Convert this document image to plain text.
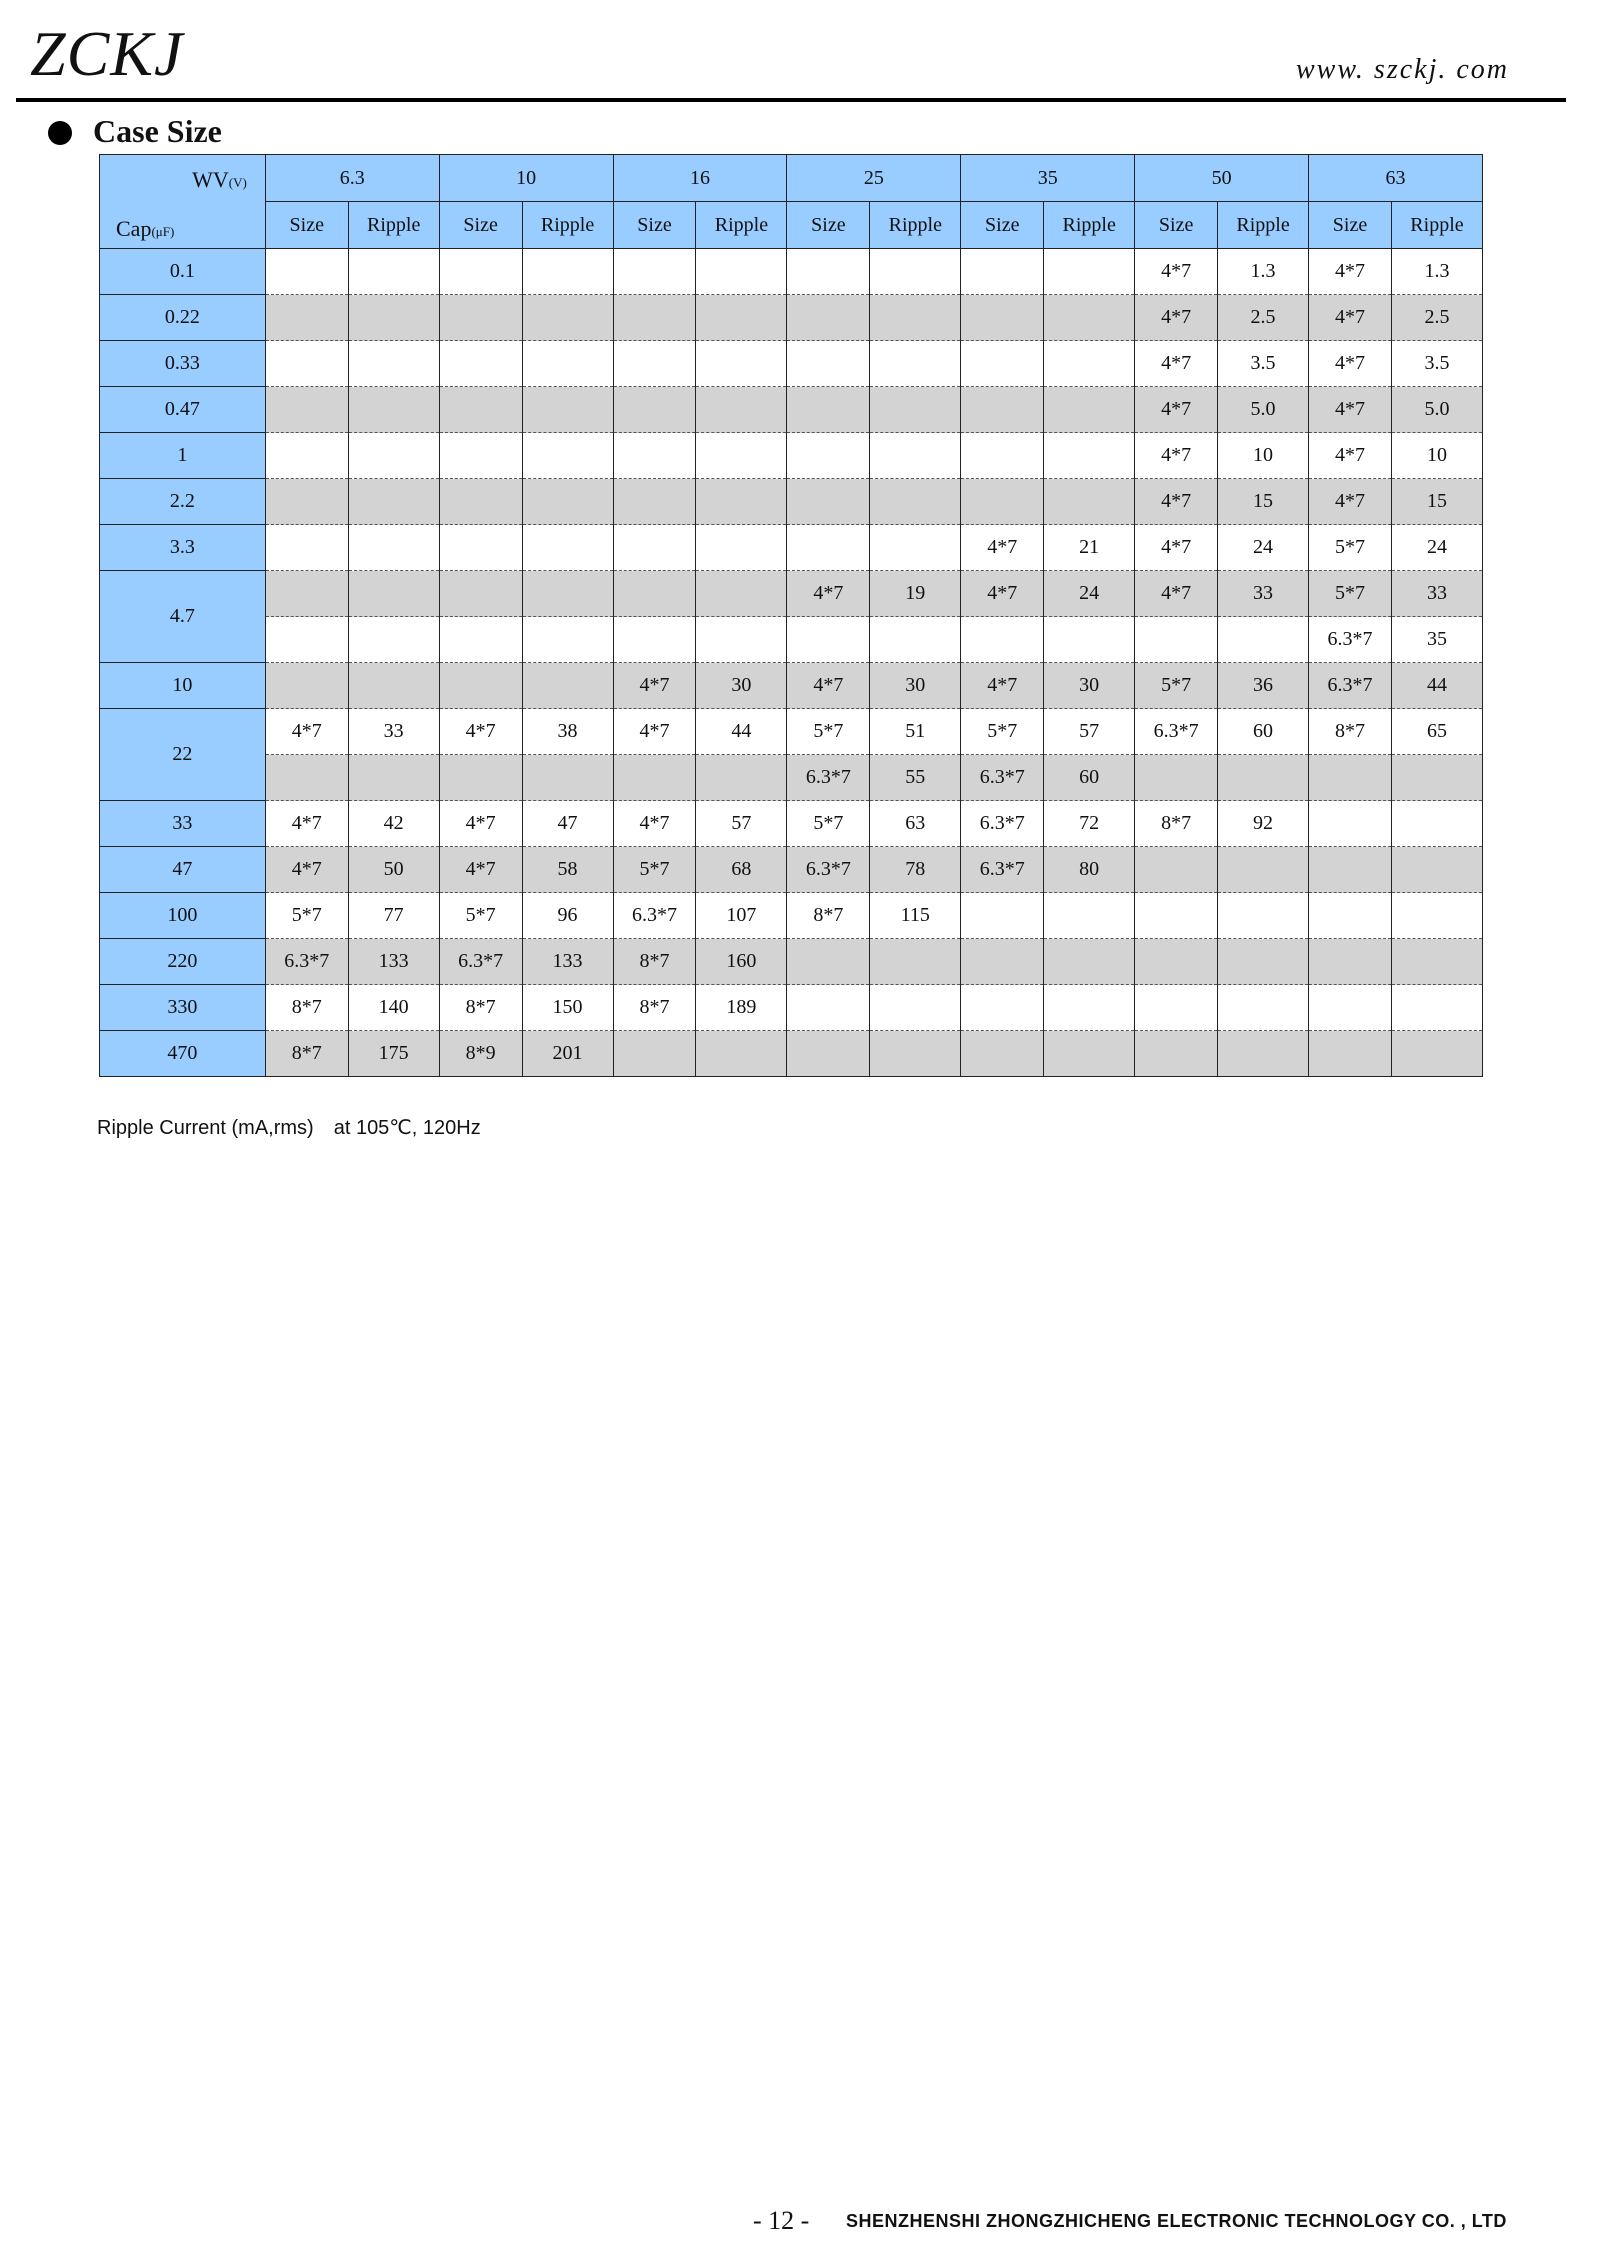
ZCKJ	www. szckj. com
Case Size
WV(V)
Cap(μF)	6.3		10		16		25		35		50		63	
	Size	Ripple	Size	Ripple	Size	Ripple	Size	Ripple	Size	Ripple	Size	Ripple	Size	Ripple
0.1											4*7	1.3	4*7	1.3
0.22											4*7	2.5	4*7	2.5
0.33											4*7	3.5	4*7	3.5
0.47											4*7	5.0	4*7	5.0
1											4*7	10	4*7	10
2.2											4*7	15	4*7	15
3.3									4*7	21	4*7	24	5*7	24
4.7							4*7	19	4*7	24	4*7	33	5*7	33
													6.3*7	35
10					4*7	30	4*7	30	4*7	30	5*7	36	6.3*7	44
22	4*7	33	4*7	38	4*7	44	5*7	51	5*7	57	6.3*7	60	8*7	65
							6.3*7	55	6.3*7	60				
33	4*7	42	4*7	47	4*7	57	5*7	63	6.3*7	72	8*7	92		
47	4*7	50	4*7	58	5*7	68	6.3*7	78	6.3*7	80				
100	5*7	77	5*7	96	6.3*7	107	8*7	115						
220	6.3*7	133	6.3*7	133	8*7	160								
330	8*7	140	8*7	150	8*7	189								
470	8*7	175	8*9	201										
Ripple Current (mA,rms) at 105℃, 120Hz
- 12 - SHENZHENSHI ZHONGZHICHENG ELECTRONIC TECHNOLOGY CO. , LTD
